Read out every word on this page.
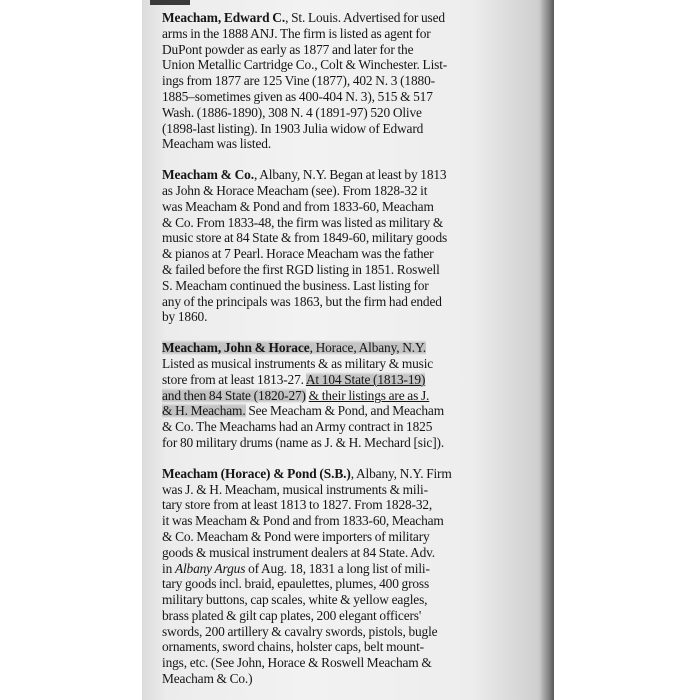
Meacham, Edward C., St. Louis. Advertised for used
arms in the 1888 ANJ. The firm is listed as agent for
DuPont powder as early as 1877 and later for the
Union Metallic Cartridge Co., Colt & Winchester. List-
ings from 1877 are 125 Vine (1877), 402 N. 3 (1880-
1885–sometimes given as 400-404 N. 3), 515 & 517
Wash. (1886-1890), 308 N. 4 (1891-97) 520 Olive
(1898-last listing). In 1903 Julia widow of Edward
Meacham was listed.
Meacham & Co., Albany, N.Y. Began at least by 1813
as John & Horace Meacham (see). From 1828-32 it
was Meacham & Pond and from 1833-60, Meacham
& Co. From 1833-48, the firm was listed as military &
music store at 84 State & from 1849-60, military goods
& pianos at 7 Pearl. Horace Meacham was the father
& failed before the first RGD listing in 1851. Roswell
S. Meacham continued the business. Last listing for
any of the principals was 1863, but the firm had ended
by 1860.
Meacham, John & Horace, Horace, Albany, N.Y.
Listed as musical instruments & as military & music
store from at least 1813-27. At 104 State (1813-19)
and then 84 State (1820-27) & their listings are as J.
& H. Meacham. See Meacham & Pond, and Meacham
& Co. The Meachams had an Army contract in 1825
for 80 military drums (name as J. & H. Mechard [sic]).
Meacham (Horace) & Pond (S.B.), Albany, N.Y. Firm
was J. & H. Meacham, musical instruments & mili-
tary store from at least 1813 to 1827. From 1828-32,
it was Meacham & Pond and from 1833-60, Meacham
& Co. Meacham & Pond were importers of military
goods & musical instrument dealers at 84 State. Adv.
in Albany Argus of Aug. 18, 1831 a long list of mili-
tary goods incl. braid, epaulettes, plumes, 400 gross
military buttons, cap scales, white & yellow eagles,
brass plated & gilt cap plates, 200 elegant officers'
swords, 200 artillery & cavalry swords, pistols, bugle
ornaments, sword chains, holster caps, belt mount-
ings, etc. (See John, Horace & Roswell Meacham &
Meacham & Co.)
